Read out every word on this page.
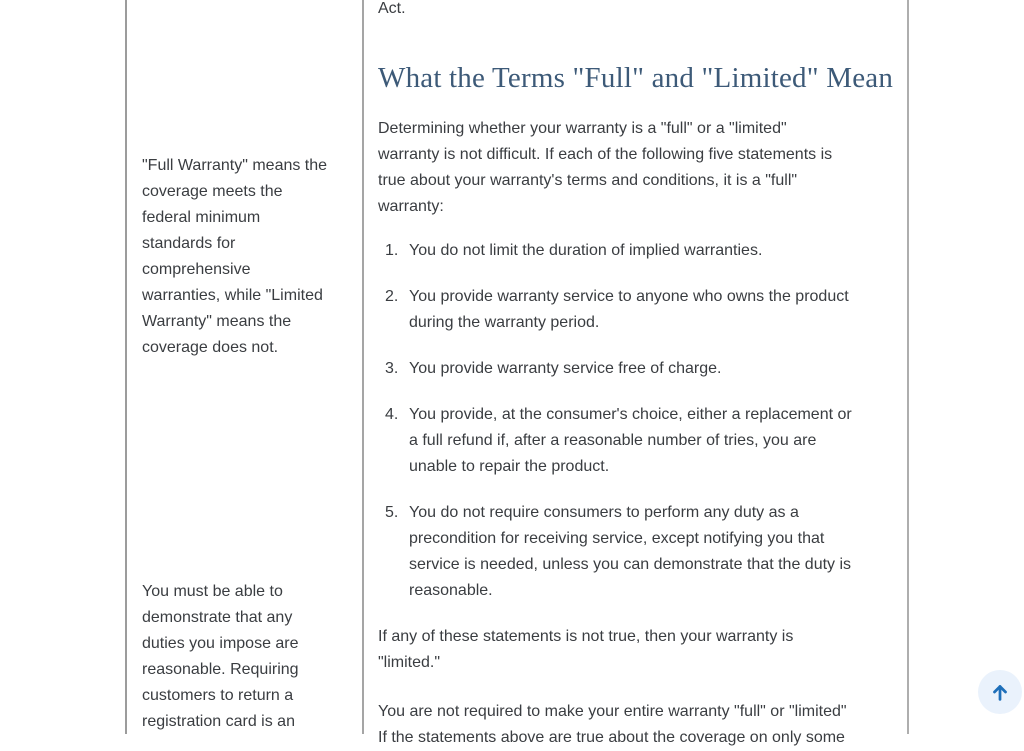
"Full Warranty" means the
coverage meets the
federal minimum
standards for
comprehensive
warranties, while "Limited
Warranty" means the
coverage does not.
You must be able to
demonstrate that any
duties you impose are
reasonable. Requiring
customers to return a
registration card is an

Act.

What the Terms "Full" and "Limited" Mean
Determining whether your warranty is a "full" or a "limited"
warranty is not difficult. If each of the following five statements is
true about your warranty's terms and conditions, it is a "full"
warranty:
1. You do not limit the duration of implied warranties.
2. You provide warranty service to anyone who owns the product
during the warranty period.
3. You provide warranty service free of charge.
4. You provide, at the consumer's choice, either a replacement or
a full refund if, after a reasonable number of tries, you are
unable to repair the product.
5. You do not require consumers to perform any duty as a
precondition for receiving service, except notifying you that
service is needed, unless you can demonstrate that the duty is
reasonable.
If any of these statements is not true, then your warranty is
"limited."
You are not required to make your entire warranty "full" or "limited"
If the statements above are true about the coverage on only some
